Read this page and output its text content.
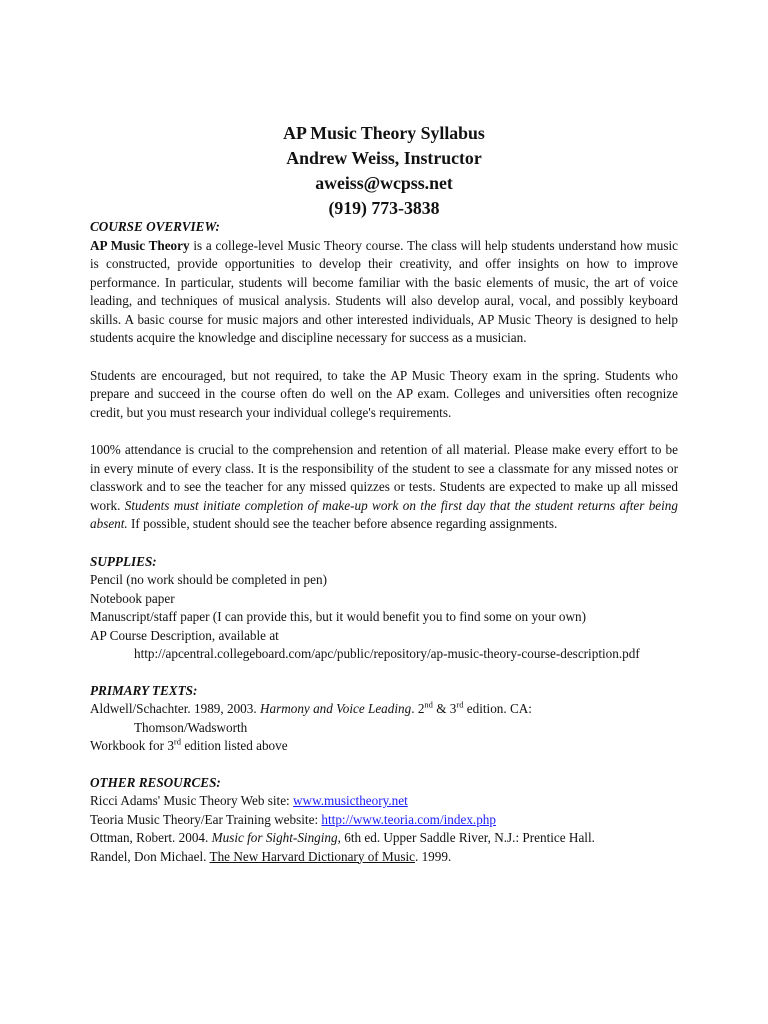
AP Music Theory Syllabus
Andrew Weiss, Instructor
aweiss@wcpss.net
(919) 773-3838

COURSE OVERVIEW:

AP Music Theory is a college-level Music Theory course. The class will help students understand how music is constructed, provide opportunities to develop their creativity, and offer insights on how to improve performance. In particular, students will become familiar with the basic elements of music, the art of voice leading, and techniques of musical analysis. Students will also develop aural, vocal, and possibly keyboard skills. A basic course for music majors and other interested individuals, AP Music Theory is designed to help students acquire the knowledge and discipline necessary for success as a musician.

Students are encouraged, but not required, to take the AP Music Theory exam in the spring. Students who prepare and succeed in the course often do well on the AP exam. Colleges and universities often recognize credit, but you must research your individual college's requirements.

100% attendance is crucial to the comprehension and retention of all material. Please make every effort to be in every minute of every class. It is the responsibility of the student to see a classmate for any missed notes or classwork and to see the teacher for any missed quizzes or tests. Students are expected to make up all missed work. Students must initiate completion of make-up work on the first day that the student returns after being absent. If possible, student should see the teacher before absence regarding assignments.

SUPPLIES:

Pencil (no work should be completed in pen)

Notebook paper

Manuscript/staff paper (I can provide this, but it would benefit you to find some on your own)

AP Course Description, available at

http://apcentral.collegeboard.com/apc/public/repository/ap-music-theory-course-description.pdf

PRIMARY TEXTS:

Aldwell/Schachter. 1989, 2003. Harmony and Voice Leading. 2nd & 3rd edition. CA:

Thomson/Wadsworth

Workbook for 3rd edition listed above

OTHER RESOURCES:

Ricci Adams' Music Theory Web site: www.musictheory.net

Teoria Music Theory/Ear Training website: http://www.teoria.com/index.php

Ottman, Robert. 2004. Music for Sight-Singing, 6th ed. Upper Saddle River, N.J.: Prentice Hall.

Randel, Don Michael. The New Harvard Dictionary of Music. 1999.
